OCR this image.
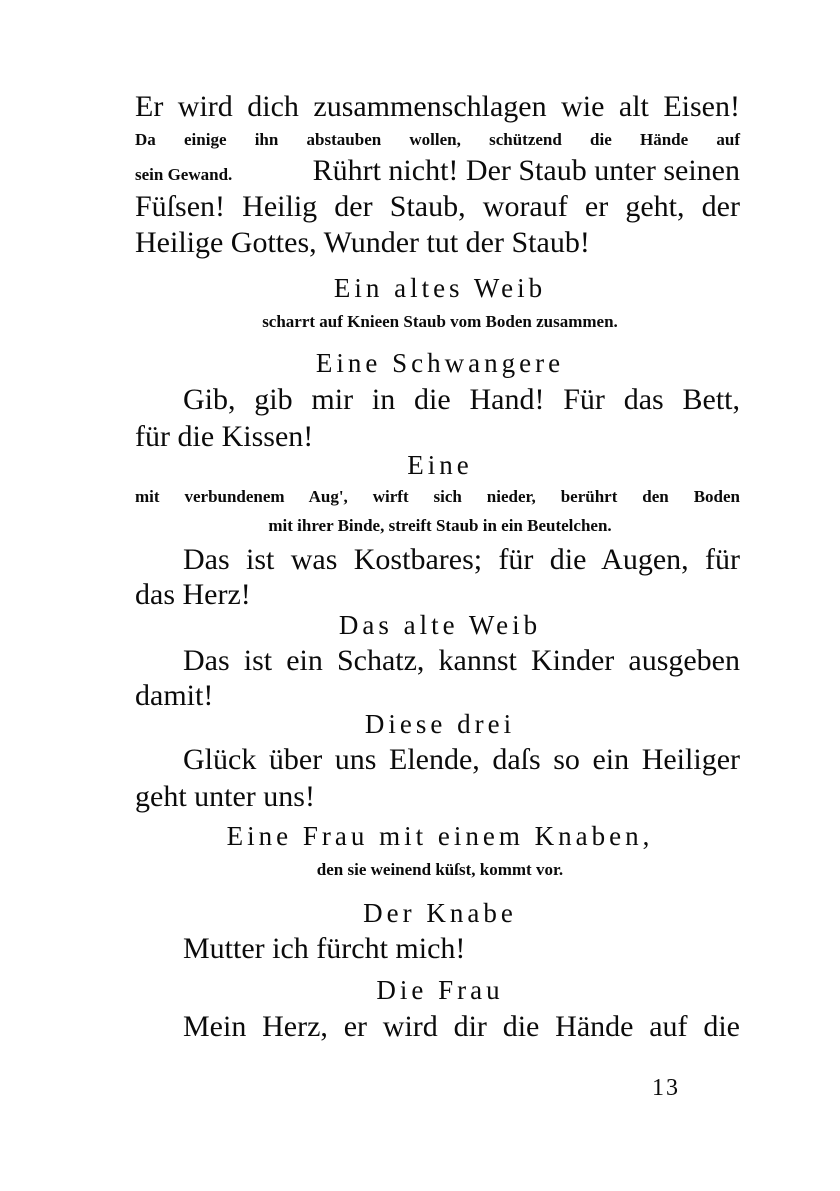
Er wird dich zusammenschlagen wie alt Eisen!
Da einige ihn abstauben wollen, schützend die Hände auf
sein Gewand.	Rührt nicht! Der Staub unter seinen
Füſsen! Heilig der Staub, worauf er geht, der
Heilige Gottes, Wunder tut der Staub!
Ein altes Weib
scharrt auf Knieen Staub vom Boden zusammen.
Eine Schwangere
Gib, gib mir in die Hand! Für das Bett,
für die Kissen!
Eine
mit verbundenem Aug', wirft sich nieder, berührt den Boden
mit ihrer Binde, streift Staub in ein Beutelchen.
Das ist was Kostbares; für die Augen, für
das Herz!
Das alte Weib
Das ist ein Schatz, kannst Kinder ausgeben
damit!
Diese drei
Glück über uns Elende, daſs so ein Heiliger
geht unter uns!
Eine Frau mit einem Knaben,
den sie weinend küſst, kommt vor.
Der Knabe
Mutter ich fürcht mich!
Die Frau
Mein Herz, er wird dir die Hände auf die
13
